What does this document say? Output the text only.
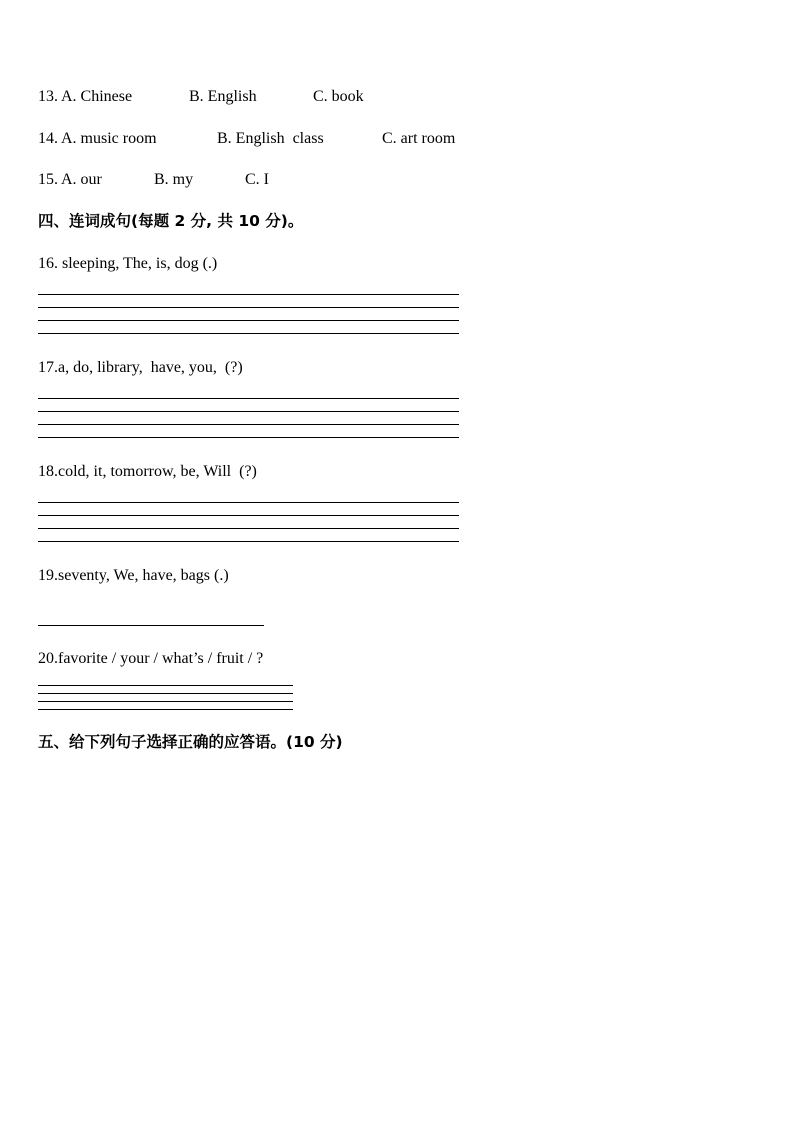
13. A. Chinese	B. English	C. book
14. A. music room	B. English  class	C. art room
15. A. our	B. my	C. I
四、连词成句(每题 2 分, 共 10 分)。
16. sleeping, The, is, dog (.)
17.a, do, library,  have, you,  (?)
18.cold, it, tomorrow, be, Will  (?)
19.seventy, We, have, bags (.)
20.favorite / your / what’s / fruit / ?
五、给下列句子选择正确的应答语。(10 分)
